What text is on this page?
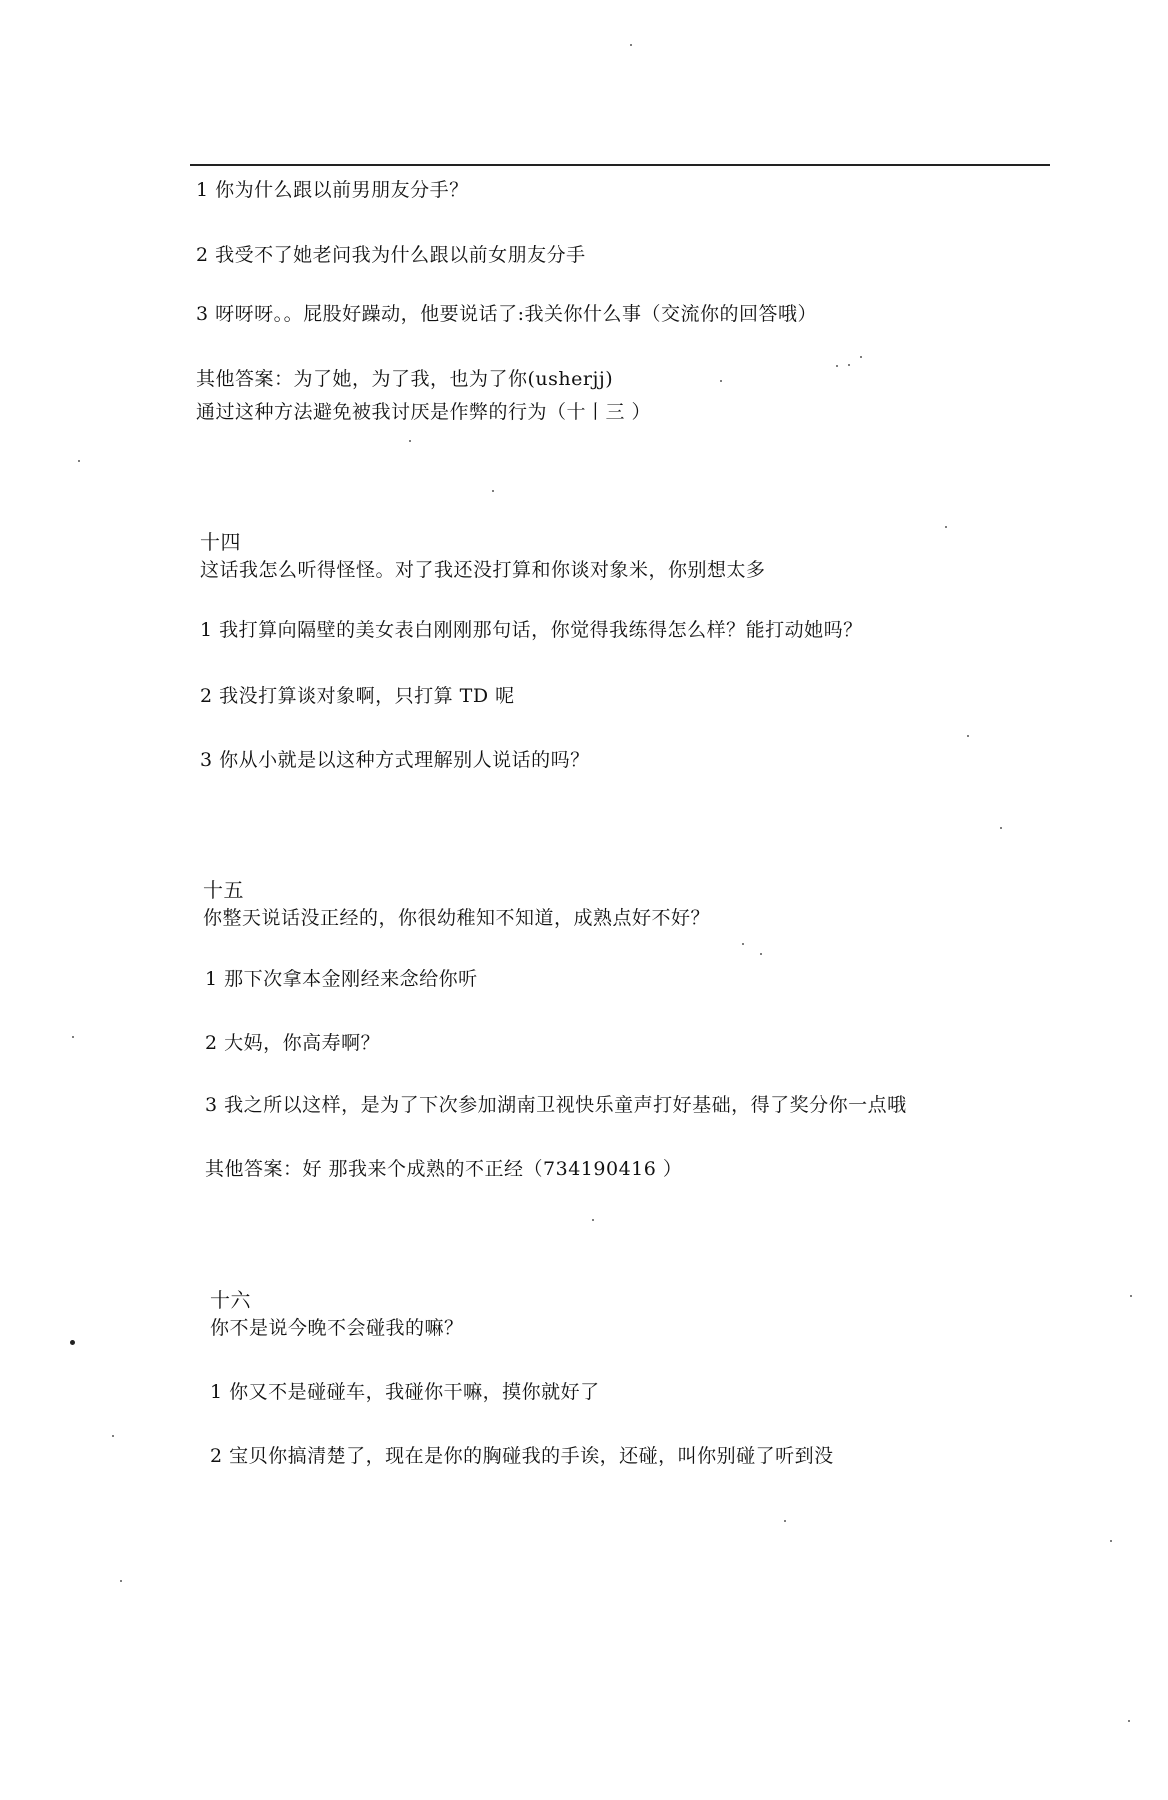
1 你为什么跟以前男朋友分手？
2 我受不了她老问我为什么跟以前女朋友分手
3 呀呀呀。。屁股好躁动，他要说话了:我关你什么事（交流你的回答哦）
其他答案：为了她，为了我，也为了你(usherjj)
通过这种方法避免被我讨厌是作弊的行为（十丨三 ）
十四
这话我怎么听得怪怪。对了我还没打算和你谈对象米，你别想太多
1 我打算向隔壁的美女表白刚刚那句话，你觉得我练得怎么样？能打动她吗？
2 我没打算谈对象啊，只打算 TD 呢
3 你从小就是以这种方式理解别人说话的吗？
十五
你整天说话没正经的，你很幼稚知不知道，成熟点好不好？
1 那下次拿本金刚经来念给你听
2 大妈，你高寿啊？
3 我之所以这样，是为了下次参加湖南卫视快乐童声打好基础，得了奖分你一点哦
其他答案：好 那我来个成熟的不正经（734190416 ）
十六
你不是说今晚不会碰我的嘛？
1 你又不是碰碰车，我碰你干嘛，摸你就好了
2 宝贝你搞清楚了，现在是你的胸碰我的手诶，还碰，叫你别碰了听到没
